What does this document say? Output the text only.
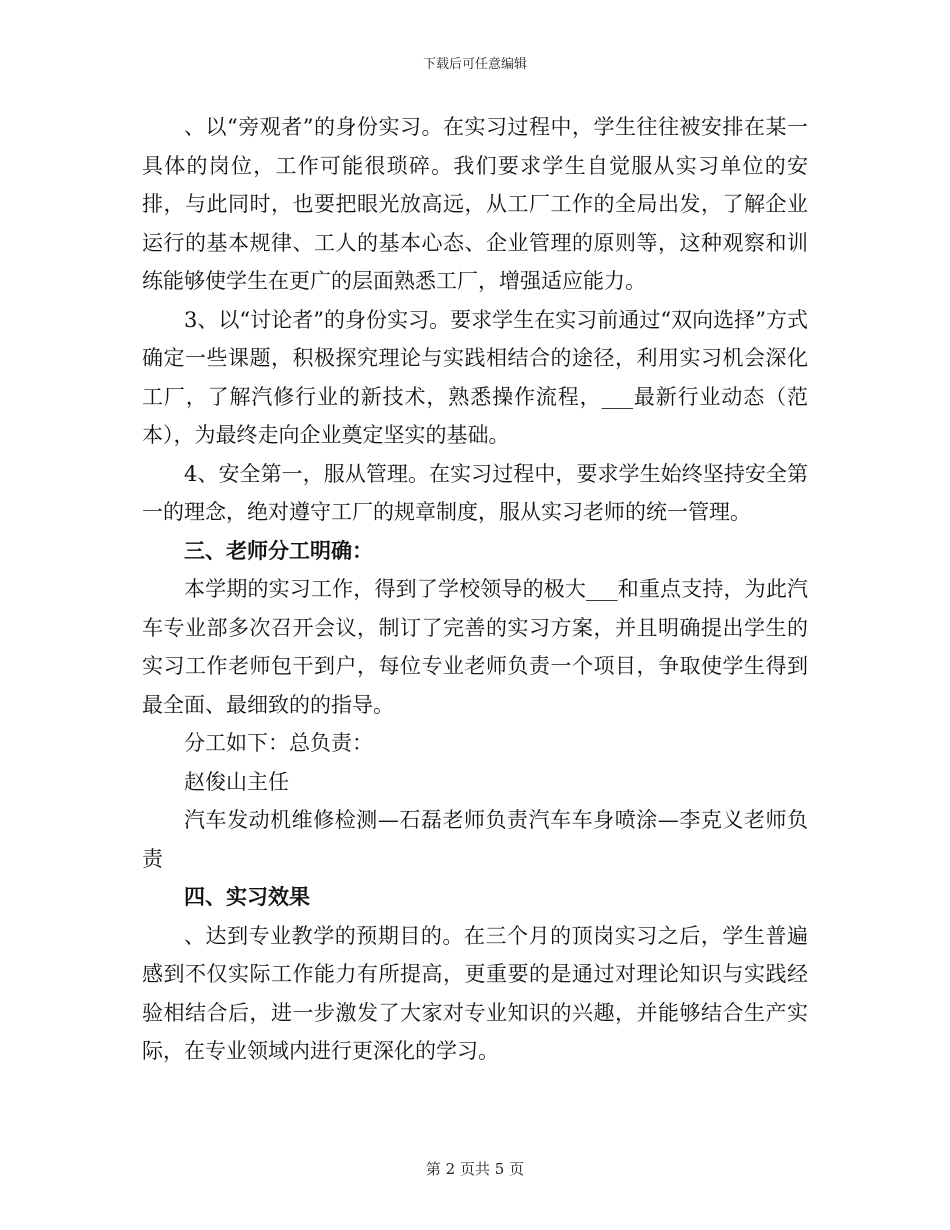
下载后可任意编辑

、以“旁观者”的身份实习。在实习过程中，学生往往被安排在某一具体的岗位，工作可能很琐碎。我们要求学生自觉服从实习单位的安排，与此同时，也要把眼光放高远，从工厂工作的全局出发，了解企业运行的基本规律、工人的基本心态、企业管理的原则等，这种观察和训练能够使学生在更广的层面熟悉工厂，增强适应能力。

3、以“讨论者”的身份实习。要求学生在实习前通过“双向选择”方式确定一些课题，积极探究理论与实践相结合的途径，利用实习机会深化工厂，了解汽修行业的新技术，熟悉操作流程，___最新行业动态（范本），为最终走向企业奠定坚实的基础。

4、安全第一，服从管理。在实习过程中，要求学生始终坚持安全第一的理念，绝对遵守工厂的规章制度，服从实习老师的统一管理。

三、老师分工明确：

本学期的实习工作，得到了学校领导的极大___和重点支持，为此汽车专业部多次召开会议，制订了完善的实习方案，并且明确提出学生的实习工作老师包干到户，每位专业老师负责一个项目，争取使学生得到最全面、最细致的的指导。

分工如下：总负责：

赵俊山主任

汽车发动机维修检测—石磊老师负责汽车车身喷涂—李克义老师负责

四、实习效果

、达到专业教学的预期目的。在三个月的顶岗实习之后，学生普遍感到不仅实际工作能力有所提高，更重要的是通过对理论知识与实践经验相结合后，进一步激发了大家对专业知识的兴趣，并能够结合生产实际，在专业领域内进行更深化的学习。

第 2 页共 5 页
